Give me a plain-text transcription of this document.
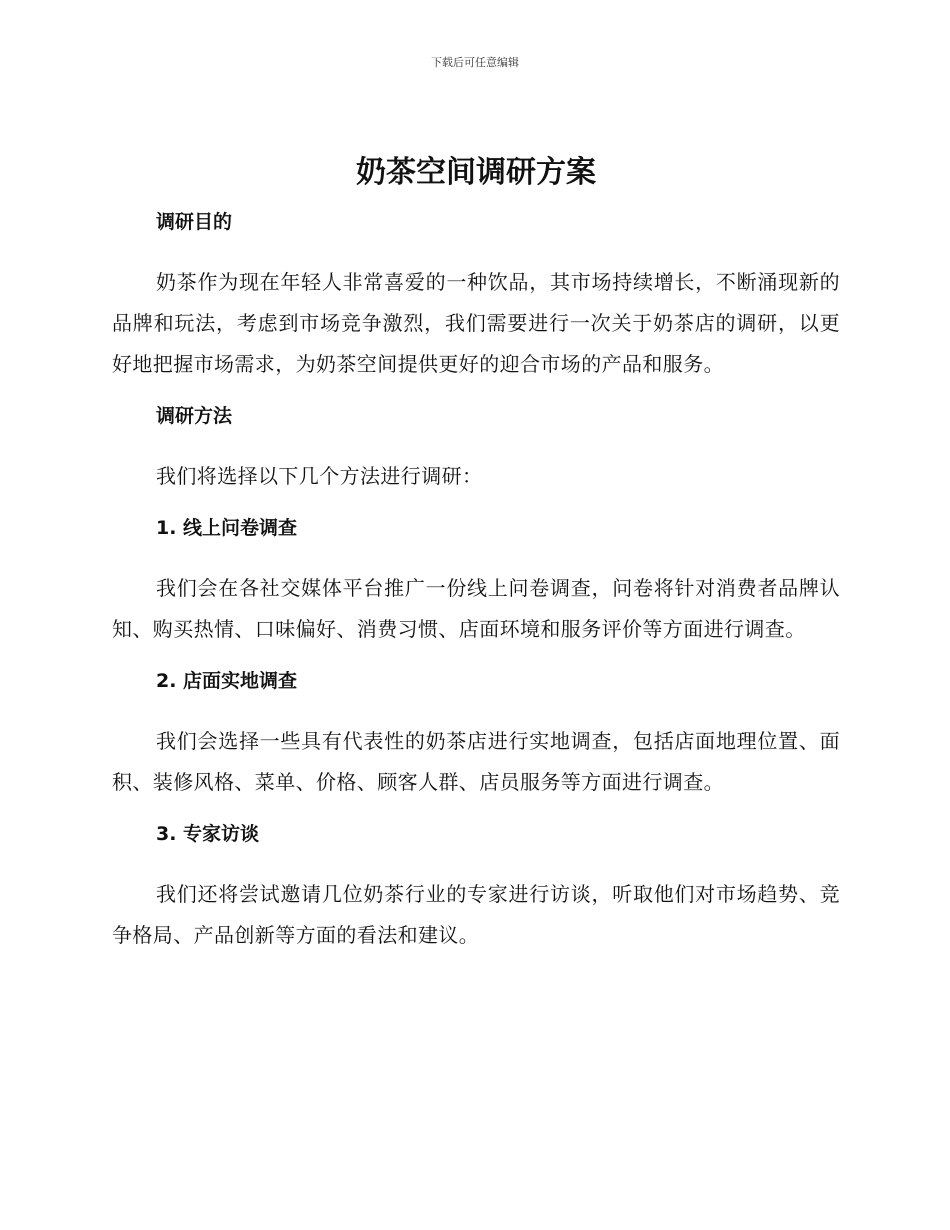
下载后可任意编辑
奶茶空间调研方案
调研目的

奶茶作为现在年轻人非常喜爱的一种饮品，其市场持续增长，不断涌现新的品牌和玩法，考虑到市场竞争激烈，我们需要进行一次关于奶茶店的调研，以更好地把握市场需求，为奶茶空间提供更好的迎合市场的产品和服务。

调研方法

我们将选择以下几个方法进行调研：

1. 线上问卷调查

我们会在各社交媒体平台推广一份线上问卷调查，问卷将针对消费者品牌认知、购买热情、口味偏好、消费习惯、店面环境和服务评价等方面进行调查。

2. 店面实地调查

我们会选择一些具有代表性的奶茶店进行实地调查，包括店面地理位置、面积、装修风格、菜单、价格、顾客人群、店员服务等方面进行调查。

3. 专家访谈

我们还将尝试邀请几位奶茶行业的专家进行访谈，听取他们对市场趋势、竞争格局、产品创新等方面的看法和建议。
